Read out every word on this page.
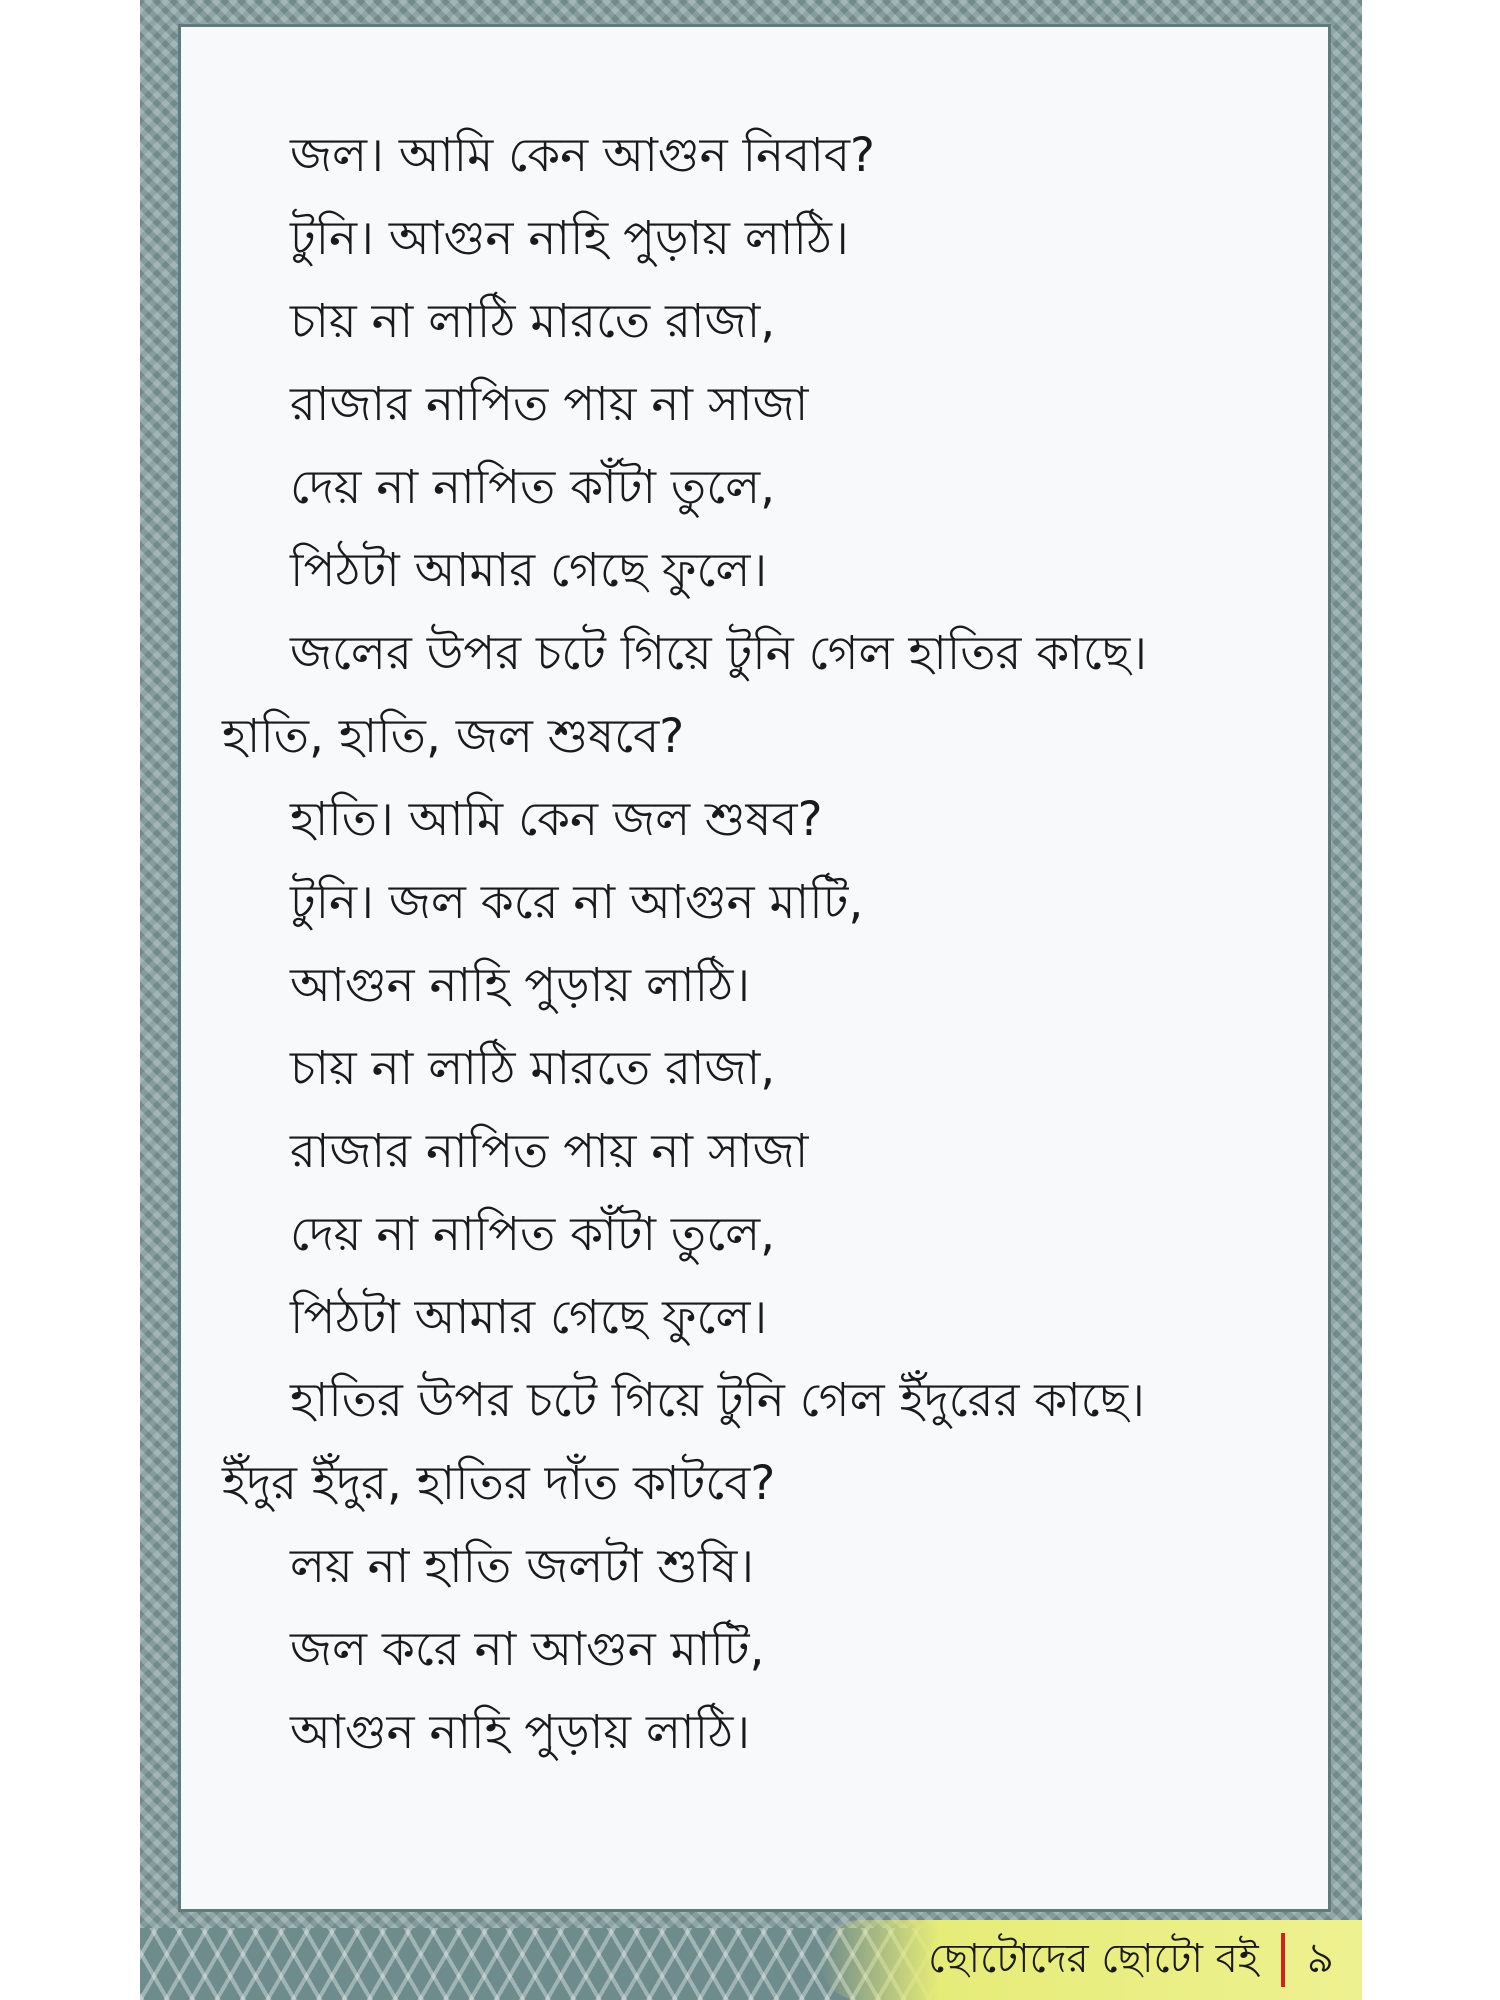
জল। আমি কেন আগুন নিবাব?
টুনি। আগুন নাহি পুড়ায় লাঠি।
চায় না লাঠি মারতে রাজা,
রাজার নাপিত পায় না সাজা
দেয় না নাপিত কাঁটা তুলে,
পিঠটা আমার গেছে ফুলে।
জলের উপর চটে গিয়ে টুনি গেল হাতির কাছে।
হাতি, হাতি, জল শুষবে?
হাতি। আমি কেন জল শুষব?
টুনি। জল করে না আগুন মাটি,
আগুন নাহি পুড়ায় লাঠি।
চায় না লাঠি মারতে রাজা,
রাজার নাপিত পায় না সাজা
দেয় না নাপিত কাঁটা তুলে,
পিঠটা আমার গেছে ফুলে।
হাতির উপর চটে গিয়ে টুনি গেল ইঁদুরের কাছে।
ইঁদুর ইঁদুর, হাতির দাঁত কাটবে?
লয় না হাতি জলটা শুষি।
জল করে না আগুন মাটি,
আগুন নাহি পুড়ায় লাঠি।
ছোটোদের ছোটো বই ৯
